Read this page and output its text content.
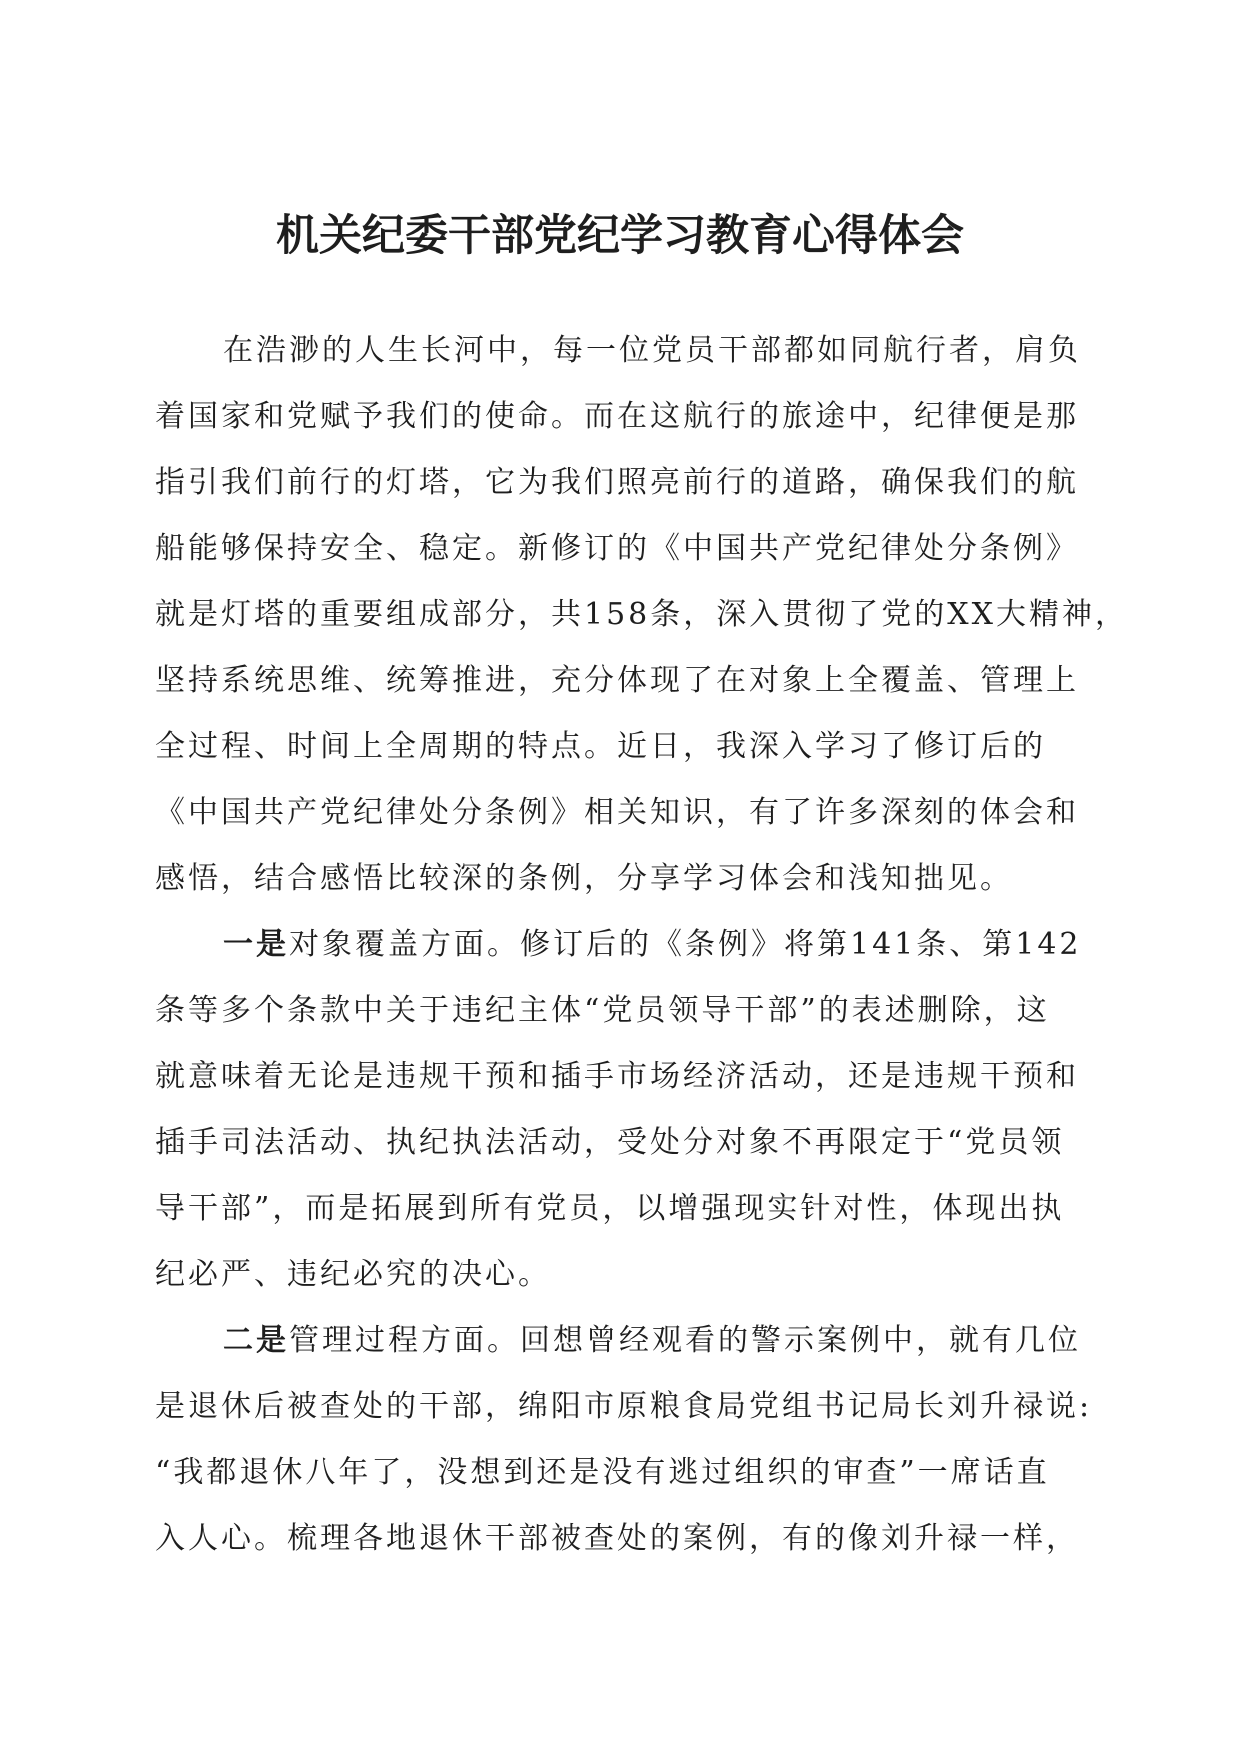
机关纪委干部党纪学习教育心得体会
在浩渺的人生长河中，每一位党员干部都如同航行者，肩负
着国家和党赋予我们的使命。而在这航行的旅途中，纪律便是那
指引我们前行的灯塔，它为我们照亮前行的道路，确保我们的航
船能够保持安全、稳定。新修订的《中国共产党纪律处分条例》
就是灯塔的重要组成部分，共158条，深入贯彻了党的XX大精神，
坚持系统思维、统筹推进，充分体现了在对象上全覆盖、管理上
全过程、时间上全周期的特点。近日，我深入学习了修订后的
《中国共产党纪律处分条例》相关知识，有了许多深刻的体会和
感悟，结合感悟比较深的条例，分享学习体会和浅知拙见。
一是对象覆盖方面。修订后的《条例》将第141条、第142
条等多个条款中关于违纪主体“党员领导干部”的表述删除，这
就意味着无论是违规干预和插手市场经济活动，还是违规干预和
插手司法活动、执纪执法活动，受处分对象不再限定于“党员领
导干部”，而是拓展到所有党员，以增强现实针对性，体现出执
纪必严、违纪必究的决心。
二是管理过程方面。回想曾经观看的警示案例中，就有几位
是退休后被查处的干部，绵阳市原粮食局党组书记局长刘升禄说:
“我都退休八年了，没想到还是没有逃过组织的审查”一席话直
入人心。梳理各地退休干部被查处的案例，有的像刘升禄一样，
